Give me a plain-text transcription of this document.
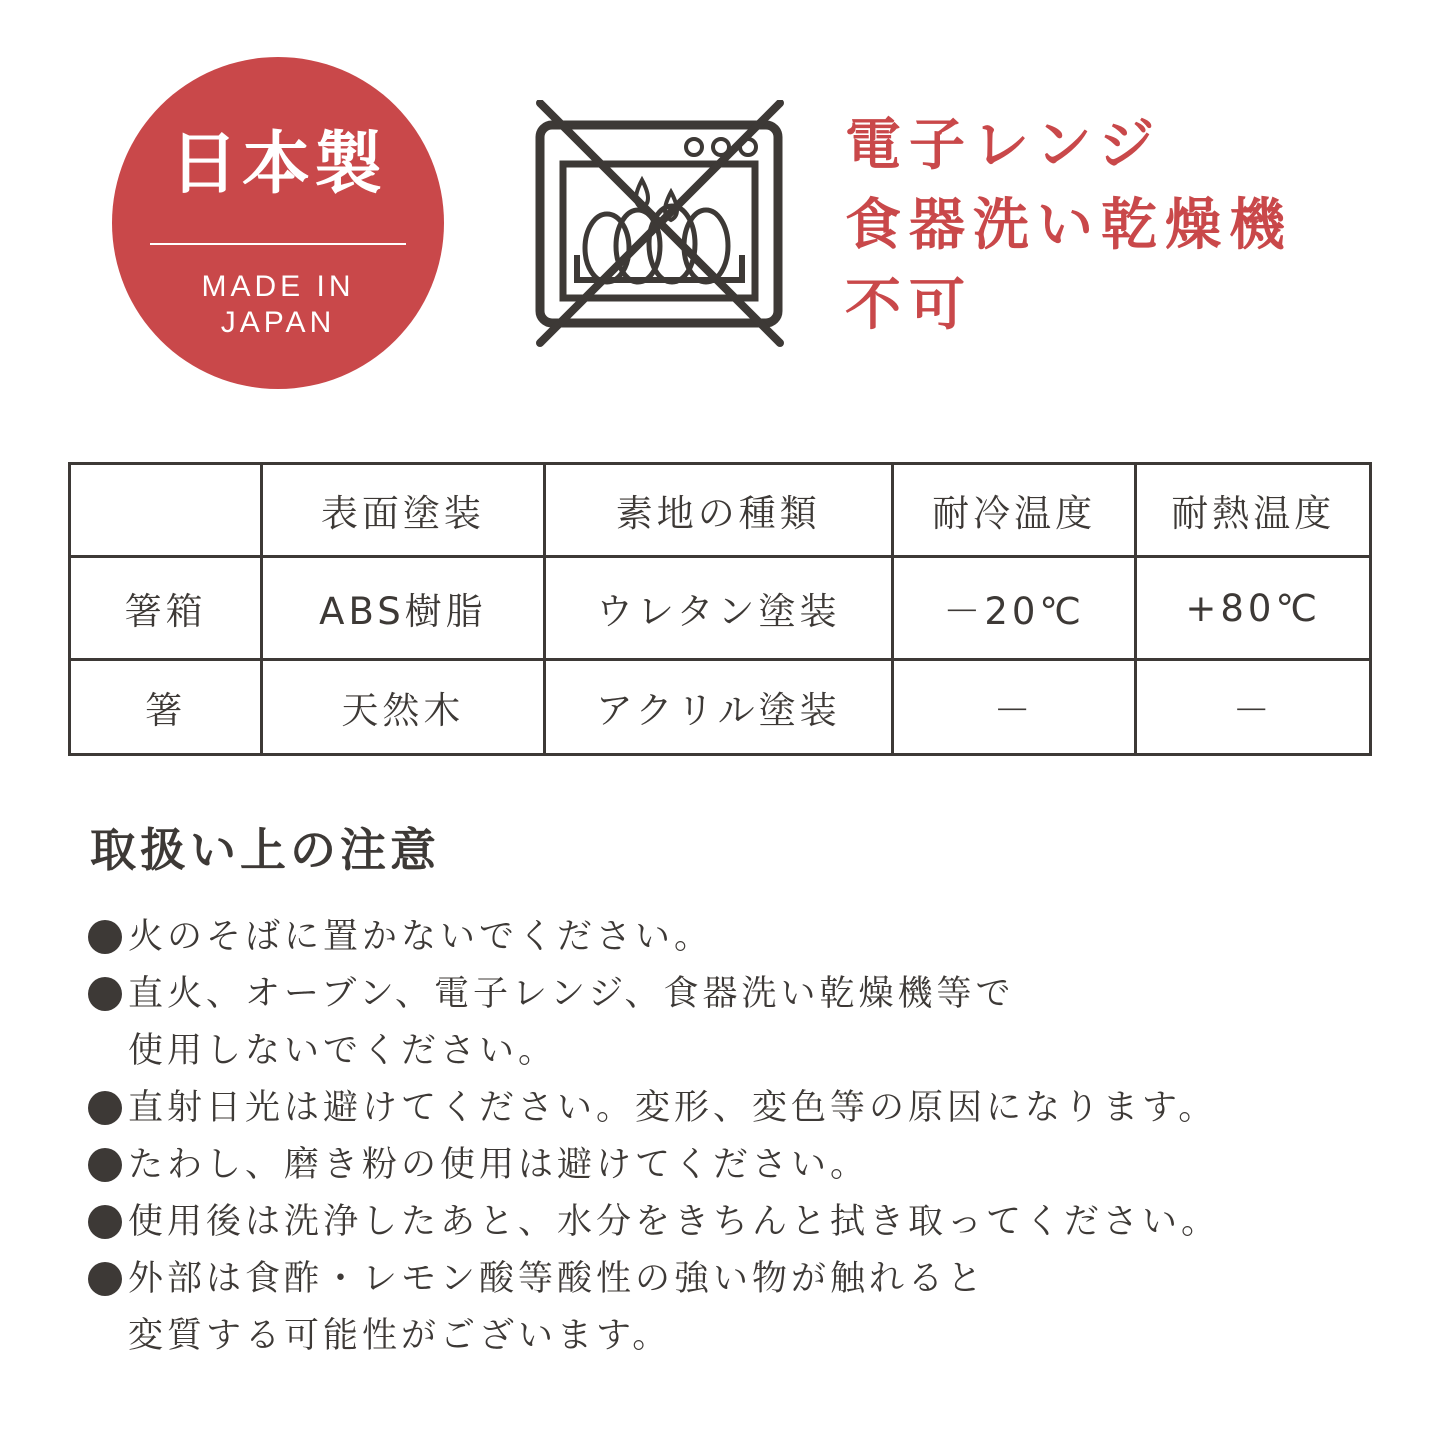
日本製
MADE IN
JAPAN
電子レンジ
食器洗い乾燥機
不可
	表面塗装	素地の種類	耐冷温度	耐熱温度
箸箱	ABS樹脂	ウレタン塗装	－20℃	+80℃
箸	天然木	アクリル塗装	－	－
取扱い上の注意
火のそばに置かないでください。
直火、オーブン、電子レンジ、食器洗い乾燥機等で
使用しないでください。
直射日光は避けてください。変形、変色等の原因になります。
たわし、磨き粉の使用は避けてください。
使用後は洗浄したあと、水分をきちんと拭き取ってください。
外部は食酢・レモン酸等酸性の強い物が触れると
変質する可能性がございます。
